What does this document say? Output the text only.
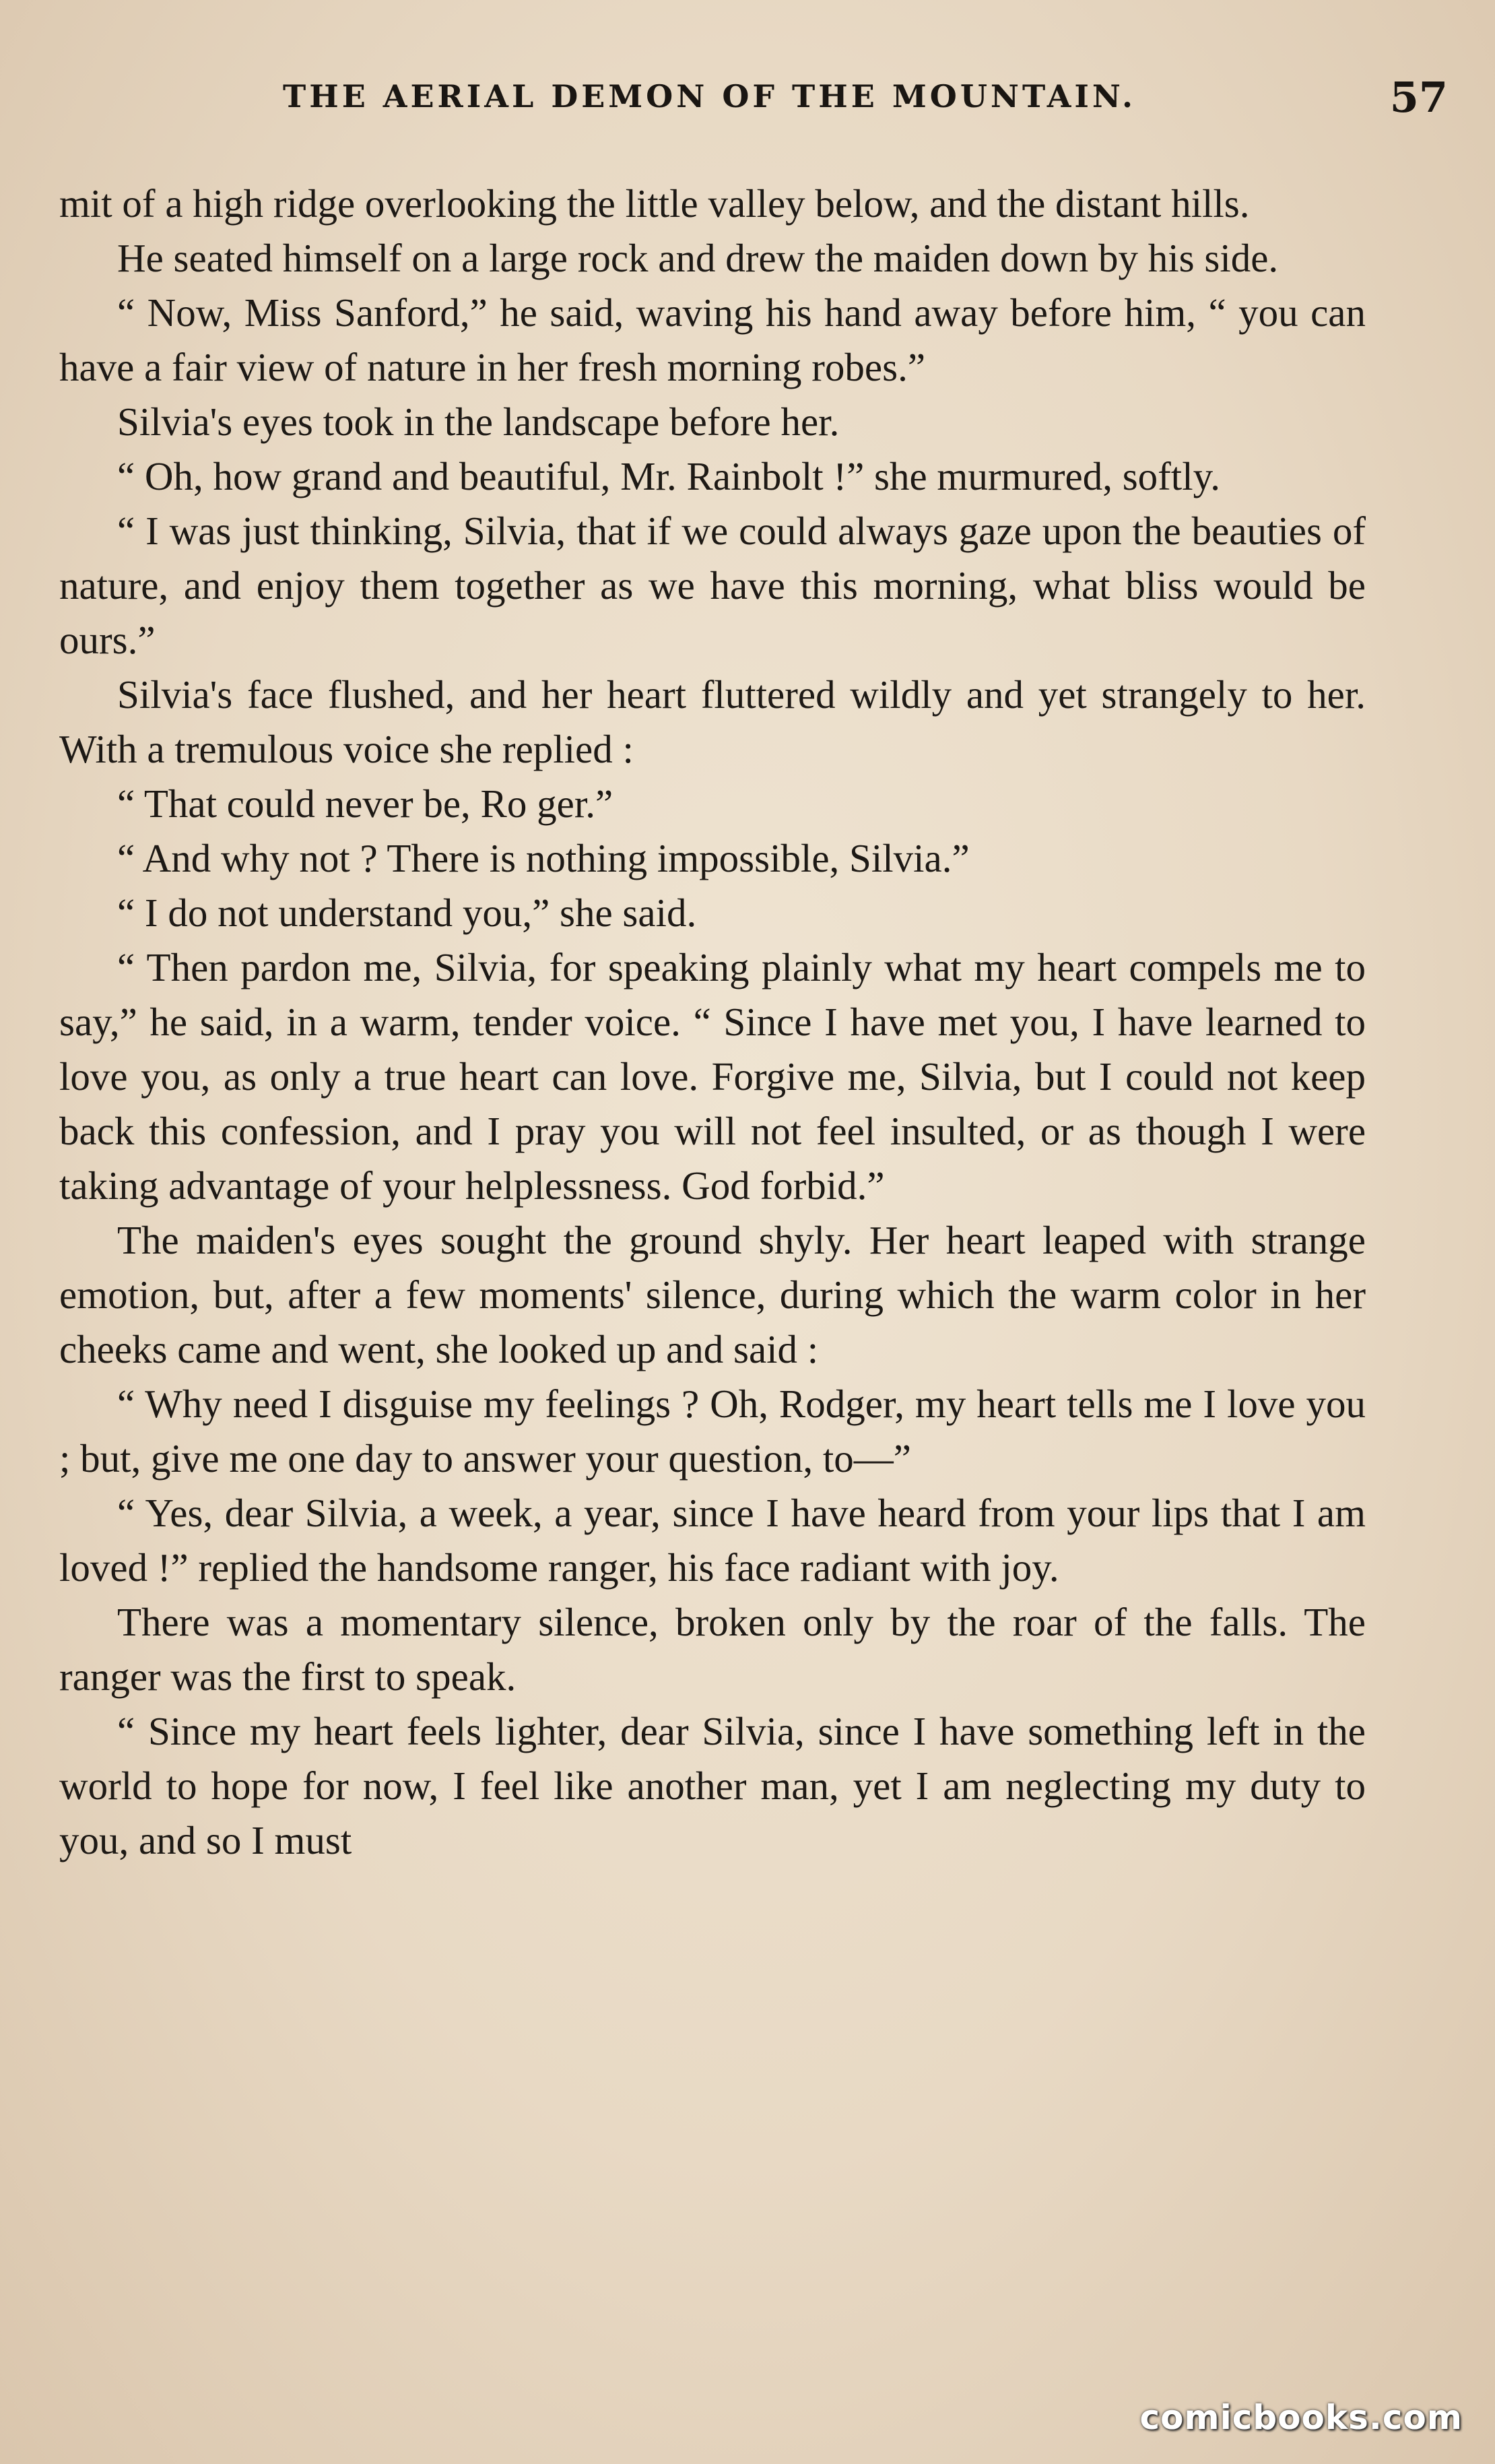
THE AERIAL DEMON OF THE MOUNTAIN.	57

mit of a high ridge overlooking the little valley below, and the distant hills.

He seated himself on a large rock and drew the maiden down by his side.

“ Now, Miss Sanford,” he said, waving his hand away before him, “ you can have a fair view of nature in her fresh morning robes.”

Silvia's eyes took in the landscape before her.

“ Oh, how grand and beautiful, Mr. Rainbolt !” she murmured, softly.

“ I was just thinking, Silvia, that if we could always gaze upon the beauties of nature, and enjoy them together as we have this morning, what bliss would be ours.”

Silvia's face flushed, and her heart fluttered wildly and yet strangely to her. With a tremulous voice she replied :

“ That could never be, Ro ger.”

“ And why not ? There is nothing impossible, Silvia.”

“ I do not understand you,” she said.

“ Then pardon me, Silvia, for speaking plainly what my heart compels me to say,” he said, in a warm, tender voice. “ Since I have met you, I have learned to love you, as only a true heart can love. Forgive me, Silvia, but I could not keep back this confession, and I pray you will not feel insulted, or as though I were taking advantage of your helplessness. God forbid.”

The maiden's eyes sought the ground shyly. Her heart leaped with strange emotion, but, after a few moments' silence, during which the warm color in her cheeks came and went, she looked up and said :

“ Why need I disguise my feelings ? Oh, Rodger, my heart tells me I love you ; but, give me one day to answer your question, to—”

“ Yes, dear Silvia, a week, a year, since I have heard from your lips that I am loved !” replied the handsome ranger, his face radiant with joy.

There was a momentary silence, broken only by the roar of the falls. The ranger was the first to speak.

“ Since my heart feels lighter, dear Silvia, since I have something left in the world to hope for now, I feel like another man, yet I am neglecting my duty to you, and so I must

comicbooks.com
